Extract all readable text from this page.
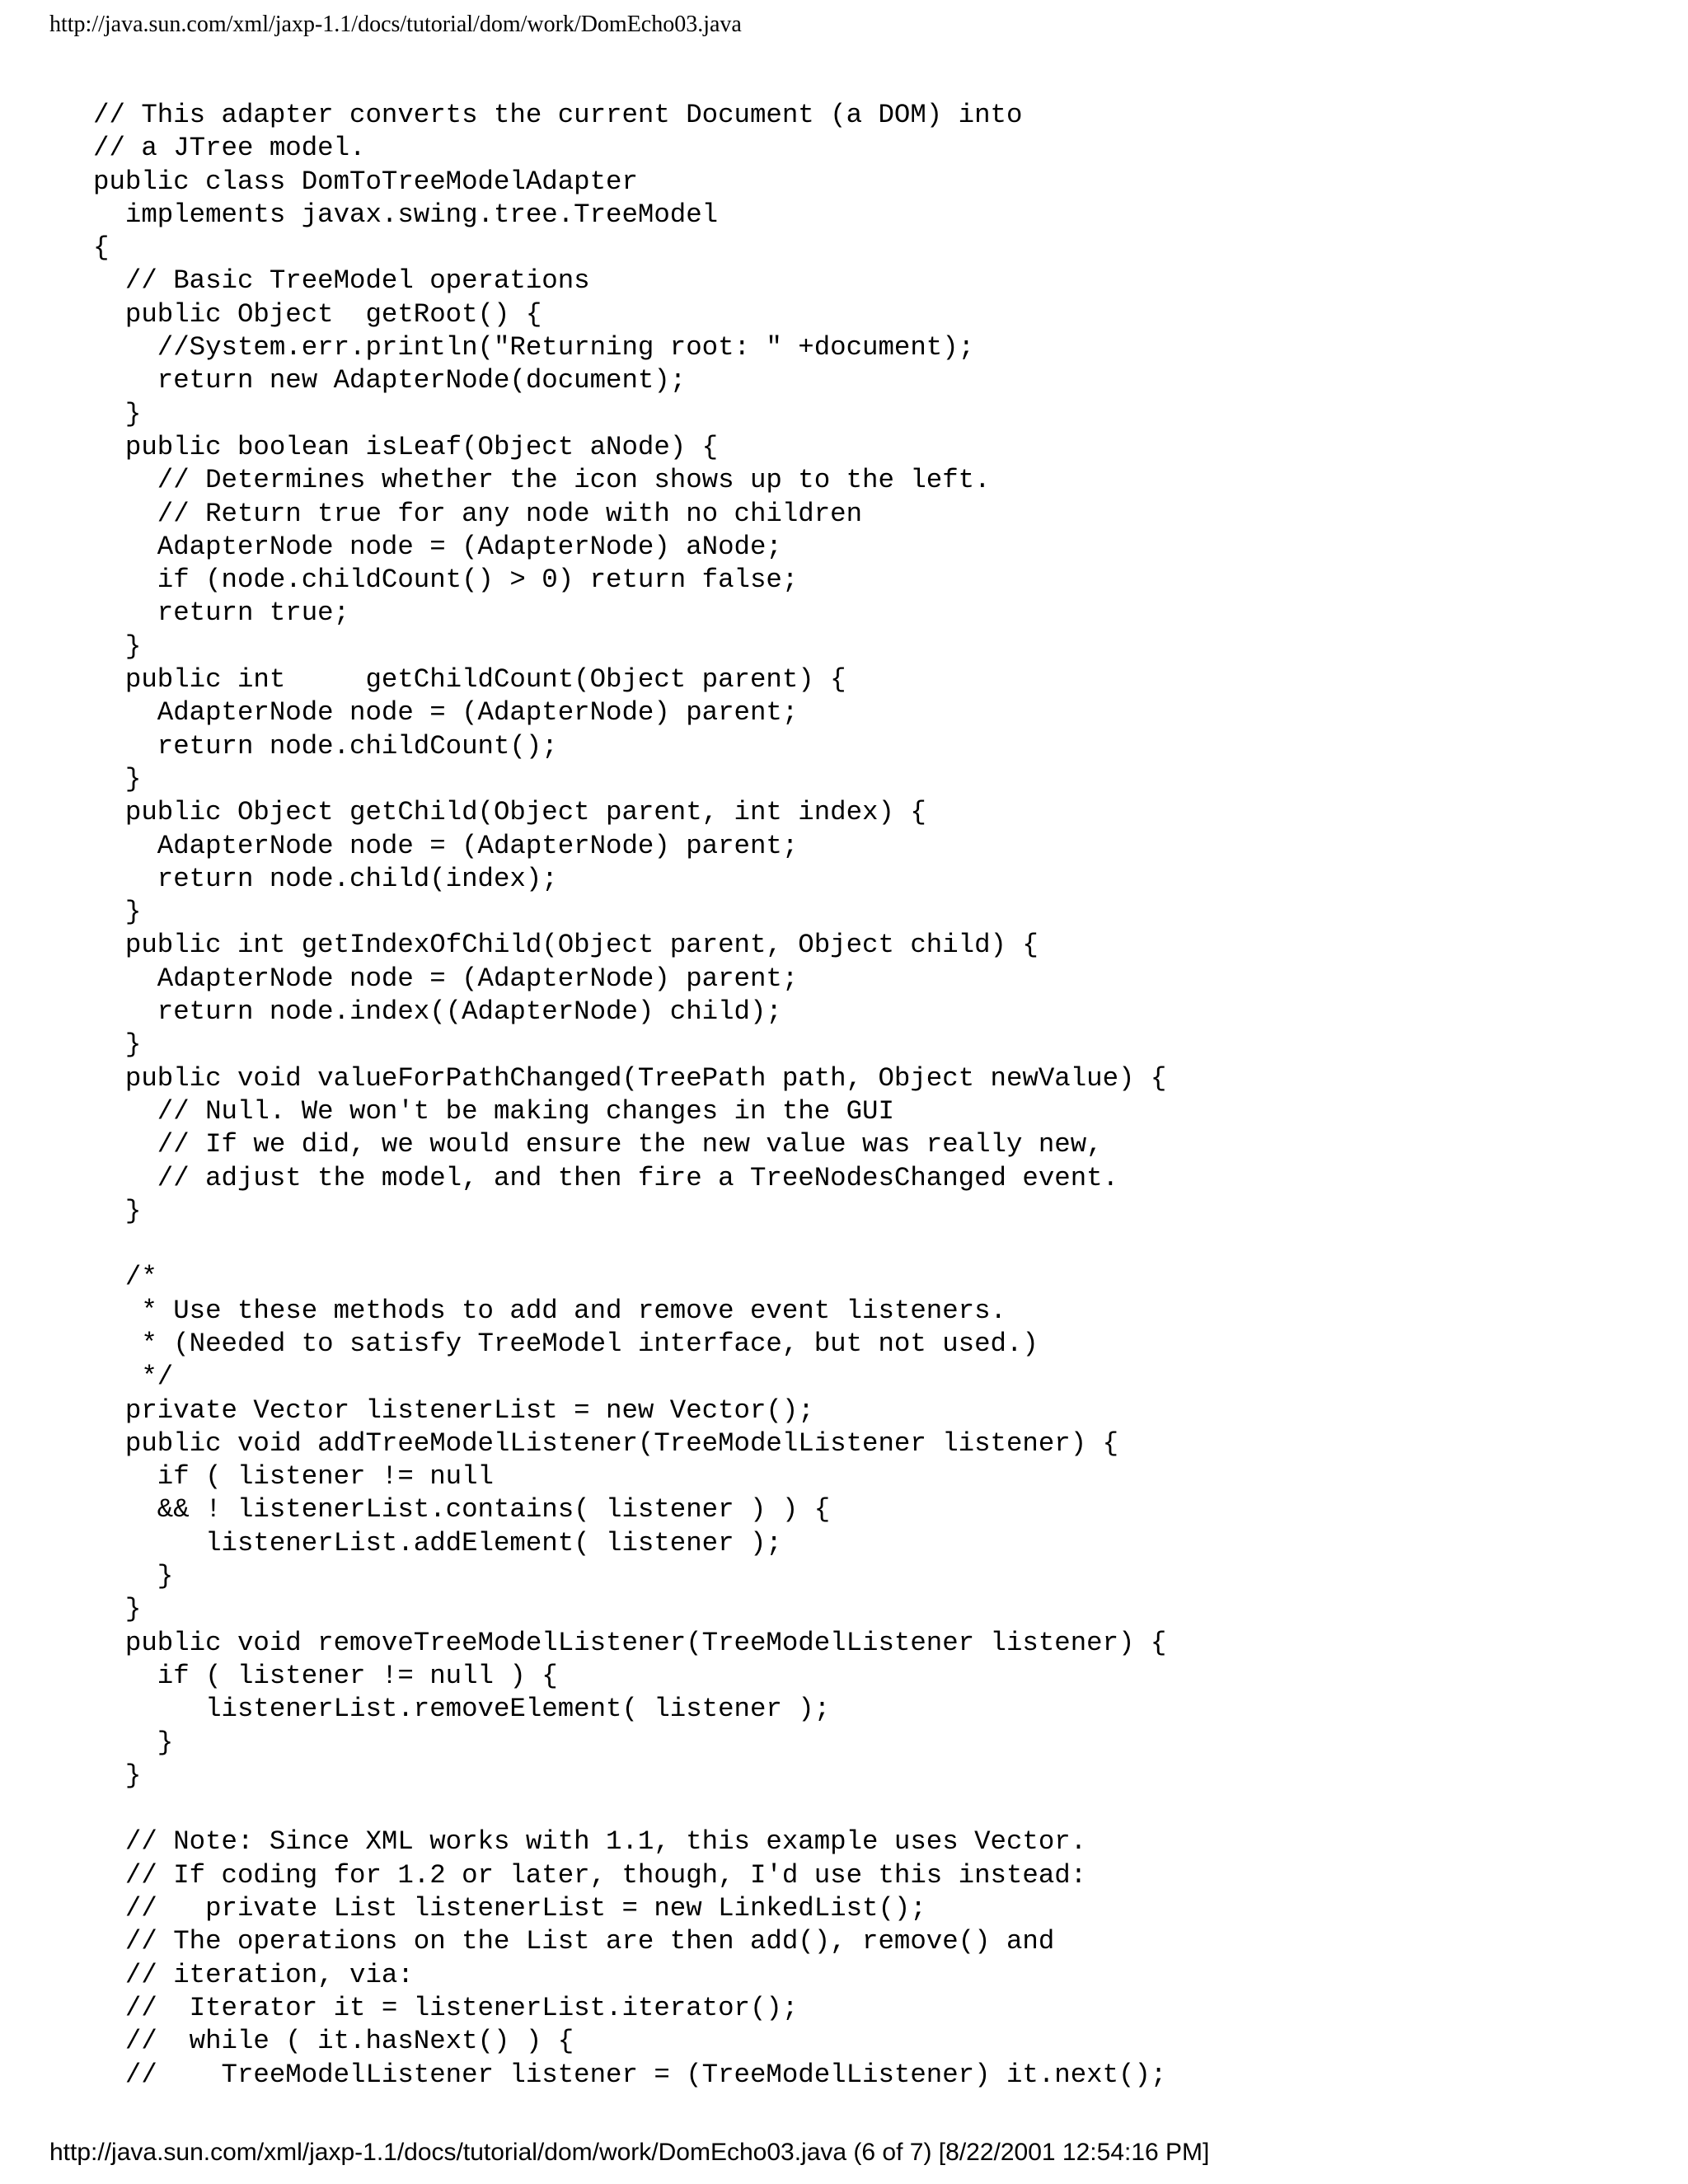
http://java.sun.com/xml/jaxp-1.1/docs/tutorial/dom/work/DomEcho03.java
// This adapter converts the current Document (a DOM) into
// a JTree model.
public class DomToTreeModelAdapter
implements javax.swing.tree.TreeModel
{
// Basic TreeModel operations
public Object  getRoot() {
//System.err.println("Returning root: " +document);
return new AdapterNode(document);
}
public boolean isLeaf(Object aNode) {
// Determines whether the icon shows up to the left.
// Return true for any node with no children
AdapterNode node = (AdapterNode) aNode;
if (node.childCount() > 0) return false;
return true;
}
public int     getChildCount(Object parent) {
AdapterNode node = (AdapterNode) parent;
return node.childCount();
}
public Object getChild(Object parent, int index) {
AdapterNode node = (AdapterNode) parent;
return node.child(index);
}
public int getIndexOfChild(Object parent, Object child) {
AdapterNode node = (AdapterNode) parent;
return node.index((AdapterNode) child);
}
public void valueForPathChanged(TreePath path, Object newValue) {
// Null. We won't be making changes in the GUI
// If we did, we would ensure the new value was really new,
// adjust the model, and then fire a TreeNodesChanged event.
}
/*
* Use these methods to add and remove event listeners.
* (Needed to satisfy TreeModel interface, but not used.)
*/
private Vector listenerList = new Vector();
public void addTreeModelListener(TreeModelListener listener) {
if ( listener != null
&& ! listenerList.contains( listener ) ) {
listenerList.addElement( listener );
}
}
public void removeTreeModelListener(TreeModelListener listener) {
if ( listener != null ) {
listenerList.removeElement( listener );
}
}
// Note: Since XML works with 1.1, this example uses Vector.
// If coding for 1.2 or later, though, I'd use this instead:
//   private List listenerList = new LinkedList();
// The operations on the List are then add(), remove() and
// iteration, via:
//  Iterator it = listenerList.iterator();
//  while ( it.hasNext() ) {
//    TreeModelListener listener = (TreeModelListener) it.next();
http://java.sun.com/xml/jaxp-1.1/docs/tutorial/dom/work/DomEcho03.java (6 of 7) [8/22/2001 12:54:16 PM]
